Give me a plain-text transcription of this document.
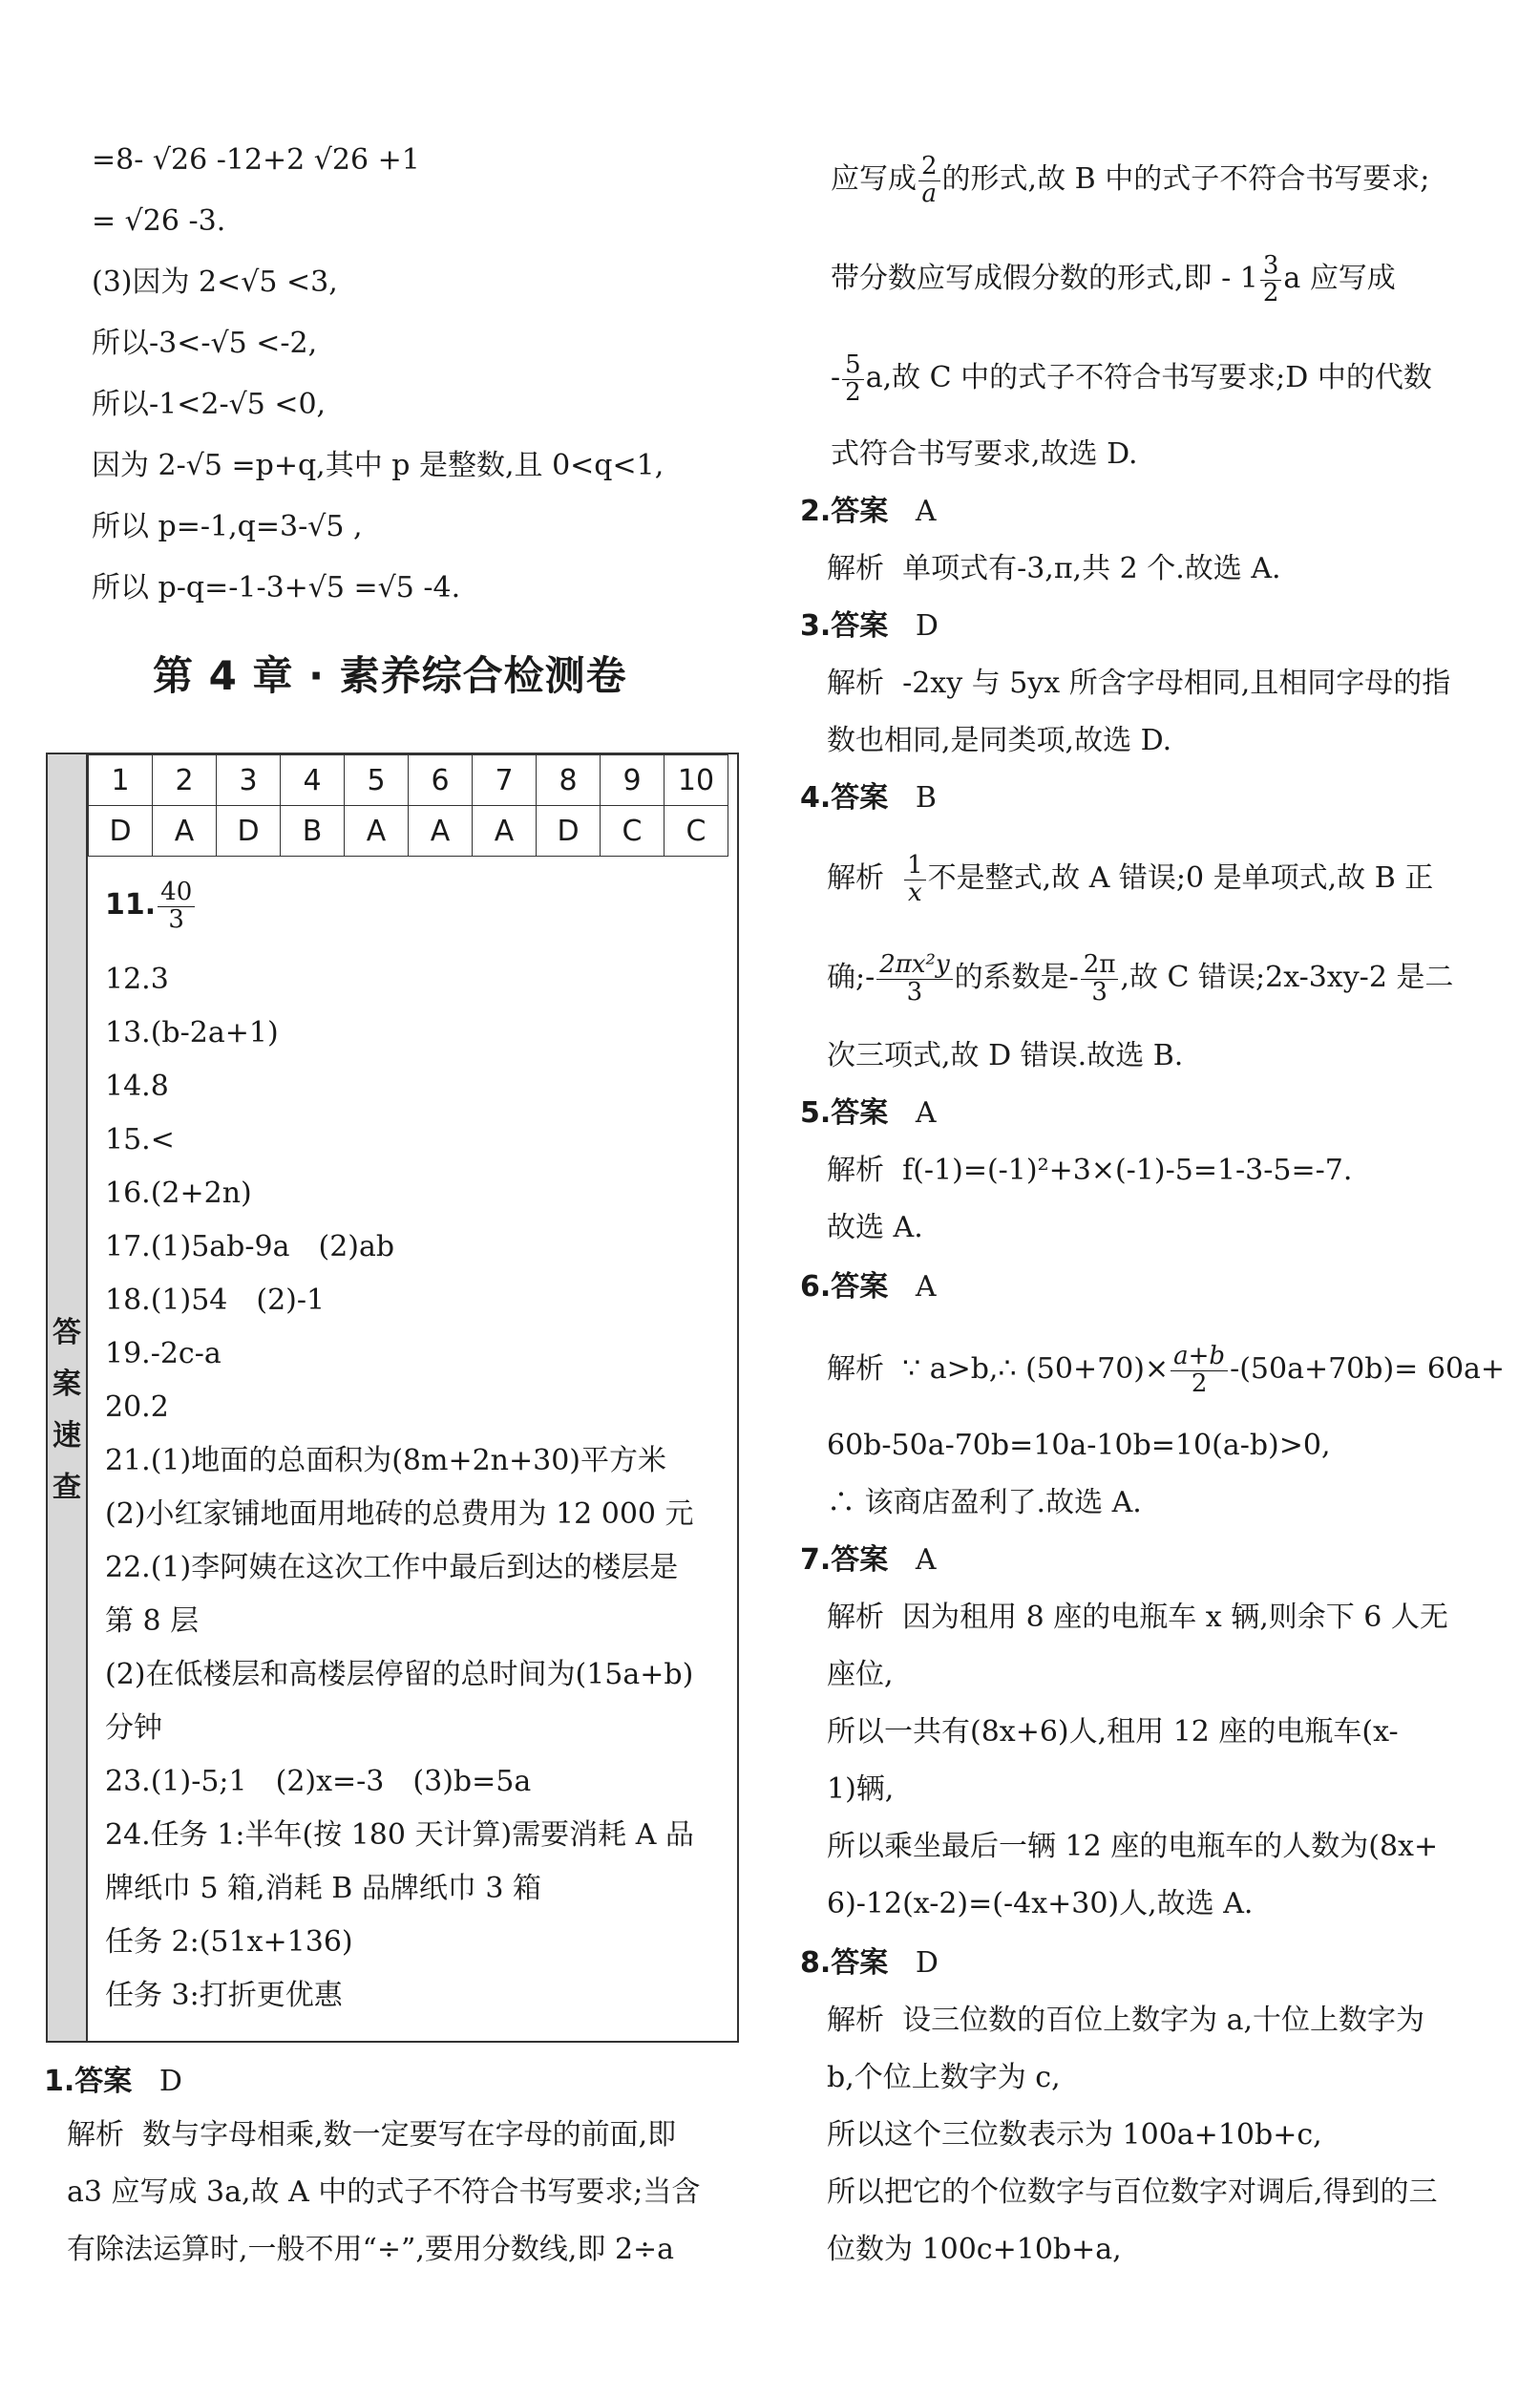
=8- √26 -12+2 √26 +1
= √26 -3.
(3)因为 2<√5 <3,
所以-3<-√5 <-2,
所以-1<2-√5 <0,
因为 2-√5 =p+q,其中 p 是整数,且 0<q<1,
所以 p=-1,q=3-√5 ,
所以 p-q=-1-3+√5 =√5 -4.
第 4 章 · 素养综合检测卷
答
案
速
查
1	2	3	4	5	6	7	8	9	10
D	A	D	B	A	A	A	D	C	C
11. $\frac{40}{3}$
12.3
13.(b-2a+1)
14.8
15.<
16.(2+2n)
17.(1)5ab-9a　(2)ab
18.(1)54　(2)-1
19.-2c-a
20.2
21.(1)地面的总面积为(8m+2n+30)平方米
(2)小红家铺地面用地砖的总费用为 12 000 元
22.(1)李阿姨在这次工作中最后到达的楼层是
第 8 层
(2)在低楼层和高楼层停留的总时间为(15a+b)
分钟
23.(1)-5;1　(2)x=-3　(3)b=5a
24.任务 1:半年(按 180 天计算)需要消耗 A 品
牌纸巾 5 箱,消耗 B 品牌纸巾 3 箱
任务 2:(51x+136)
任务 3:打折更优惠
1.答案 D
解析 数与字母相乘,数一定要写在字母的前面,即
a3 应写成 3a,故 A 中的式子不符合书写要求;当含
有除法运算时,一般不用“÷”,要用分数线,即 2÷a
应写成 $\frac{2}{a}$ 的形式,故 B 中的式子不符合书写要求;
带分数应写成假分数的形式,即 - $1 \frac{3}{2}$ a 应写成
- $\frac{5}{2} a$,故 C 中的式子不符合书写要求;D 中的代数
式符合书写要求,故选 D.
2.答案 A
解析 单项式有-3,π,共 2 个.故选 A.
3.答案 D
解析 -2xy 与 5yx 所含字母相同,且相同字母的指
数也相同,是同类项,故选 D.
4.答案 B
解析 $\frac{1}{x}$ 不是整式,故 A 错误;0 是单项式,故 B 正
确;- $\frac{\text{2πx²y}}{3}$ 的系数是- $\frac{2\pi}{3}$ ,故 C 错误;2x-3xy-2 是二
次三项式,故 D 错误.故选 B.
5.答案 A
解析 f(-1)=(-1)²+3×(-1)-5=1-3-5=-7.
故选 A.
6.答案 A
解析 ∵ a>b,∴ $(50+70)\times \frac{a+b}{2} -(50a+70b)= 60a+$
60b-50a-70b=10a-10b=10(a-b)>0,
∴ 该商店盈利了.故选 A.
7.答案 A
解析 因为租用 8 座的电瓶车 x 辆,则余下 6 人无
座位,
所以一共有(8x+6)人,租用 12 座的电瓶车(x-
1)辆,
所以乘坐最后一辆 12 座的电瓶车的人数为(8x+
6)-12(x-2)=(-4x+30)人,故选 A.
8.答案 D
解析 设三位数的百位上数字为 a,十位上数字为
b,个位上数字为 c,
所以这个三位数表示为 100a+10b+c,
所以把它的个位数字与百位数字对调后,得到的三
位数为 100c+10b+a,
